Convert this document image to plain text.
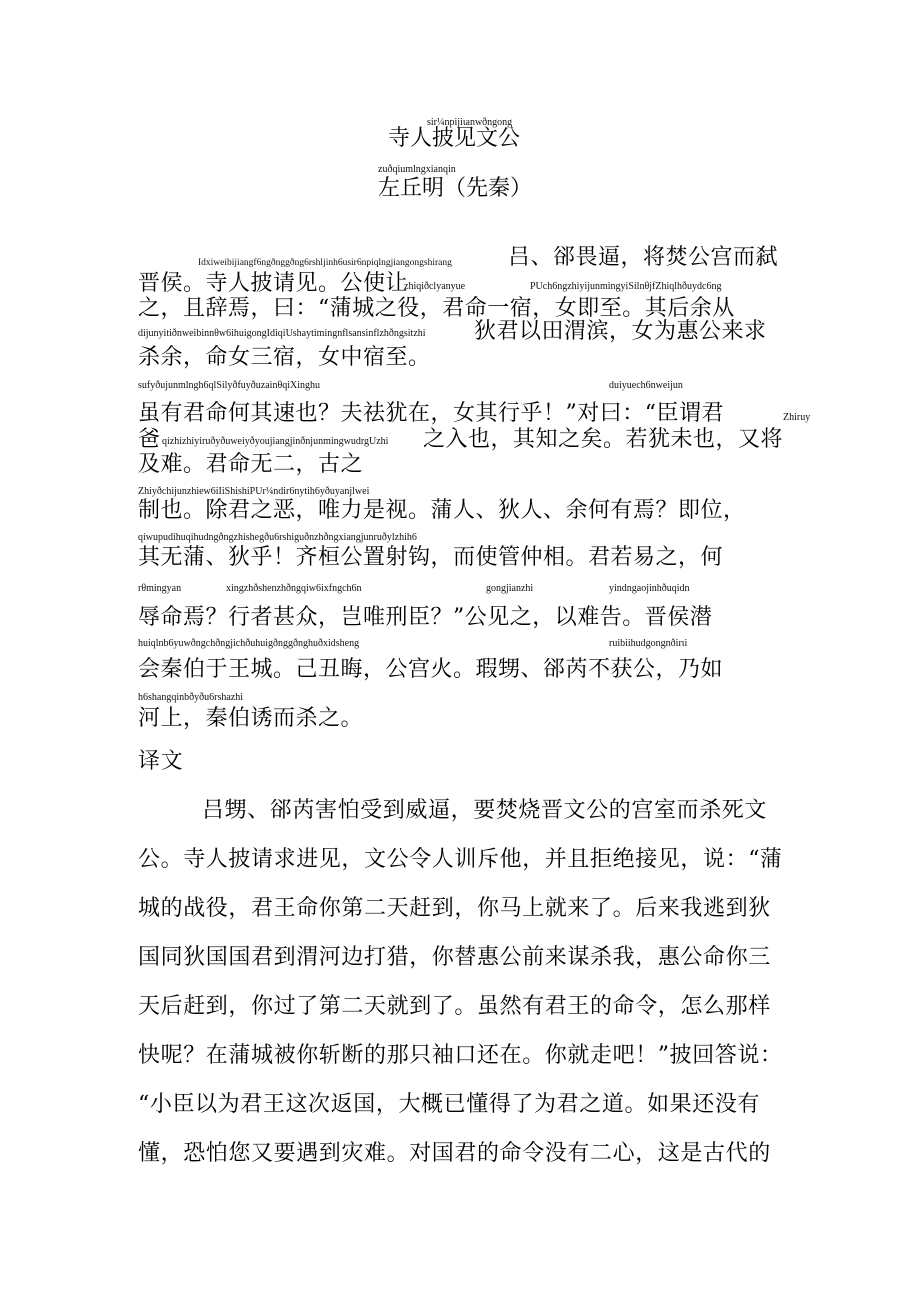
sir¼npijiιanwðngong
寺人披见文公
zuðqiumlngxianqin
左丘明（先秦）
Idxiweibijiangf6ngðnggðng6rshljinh6usir6npiqlngjiangongshirang	吕、郤畏逼，将焚公宫而弑
晋侯。寺人披请见。公使让
zhiqiðclyanyue	PUch6ngzhiyijunmingyiSilnθjfZhiqlhðuydc6ng
之，且辞焉，曰：“蒲城之役，君命一宿，女即至。其后余从
dijunyitiðnweibinnθw6ihuigongIdiqiUshaytimingnflsansinflzhðngsitzhi 狄君以田渭滨，女为惠公来求
杀余，命女三宿，女中宿至。
sufyðujunmlngh6qlSilyðfuyðuzainθqiXinghu	duiyuech6nweijun
虽有君命何其速也？夫祛犹在，女其行乎！”对曰：“臣谓君	Zhiruy
爸 qizhizhiyiruðyðuweiyðyoujiangjinðnjunmingwudrgUzhi 之入也，其知之矣。若犹未也，又将
及难。君命无二，古之
Zhiyðchijunzhiew6iIiShishiPUr¼ndir6nytih6yðuyanjlwei
制也。除君之恶，唯力是视。蒲人、狄人、余何有焉？即位，
qiwupudihuqihudngðngzhishegðu6rshiguðnzhðngxiangjunruðylzhih6
其无蒲、狄乎！齐桓公置射钩，而使管仲相。君若易之，何
rθmingyan	xingzhðshenzhðngqiw6ixfngch6n	gongjianzhi	yindngaojinhðuqidn
辱命焉？行者甚众，岂唯刑臣？”公见之，以难告。晋侯潜
huiqlnb6yuwðngchðngjichðuhuigðnggðnghuðxidsheng	ruibiihudgongnðirιi
会秦伯于王城。己丑晦，公宫火。瑕甥、郤芮不获公，乃如
h6shangqinbðyðu6rshazhi
河上，秦伯诱而杀之。
译文
吕甥、郤芮害怕受到威逼，要焚烧晋文公的宫室而杀死文
公。寺人披请求进见，文公令人训斥他，并且拒绝接见，说：“蒲
城的战役，君王命你第二天赶到，你马上就来了。后来我逃到狄
国同狄国国君到渭河边打猎，你替惠公前来谋杀我，惠公命你三
天后赶到，你过了第二天就到了。虽然有君王的命令，怎么那样
快呢？在蒲城被你斩断的那只袖口还在。你就走吧！”披回答说：
“小臣以为君王这次返国，大概已懂得了为君之道。如果还没有
懂，恐怕您又要遇到灾难。对国君的命令没有二心，这是古代的
